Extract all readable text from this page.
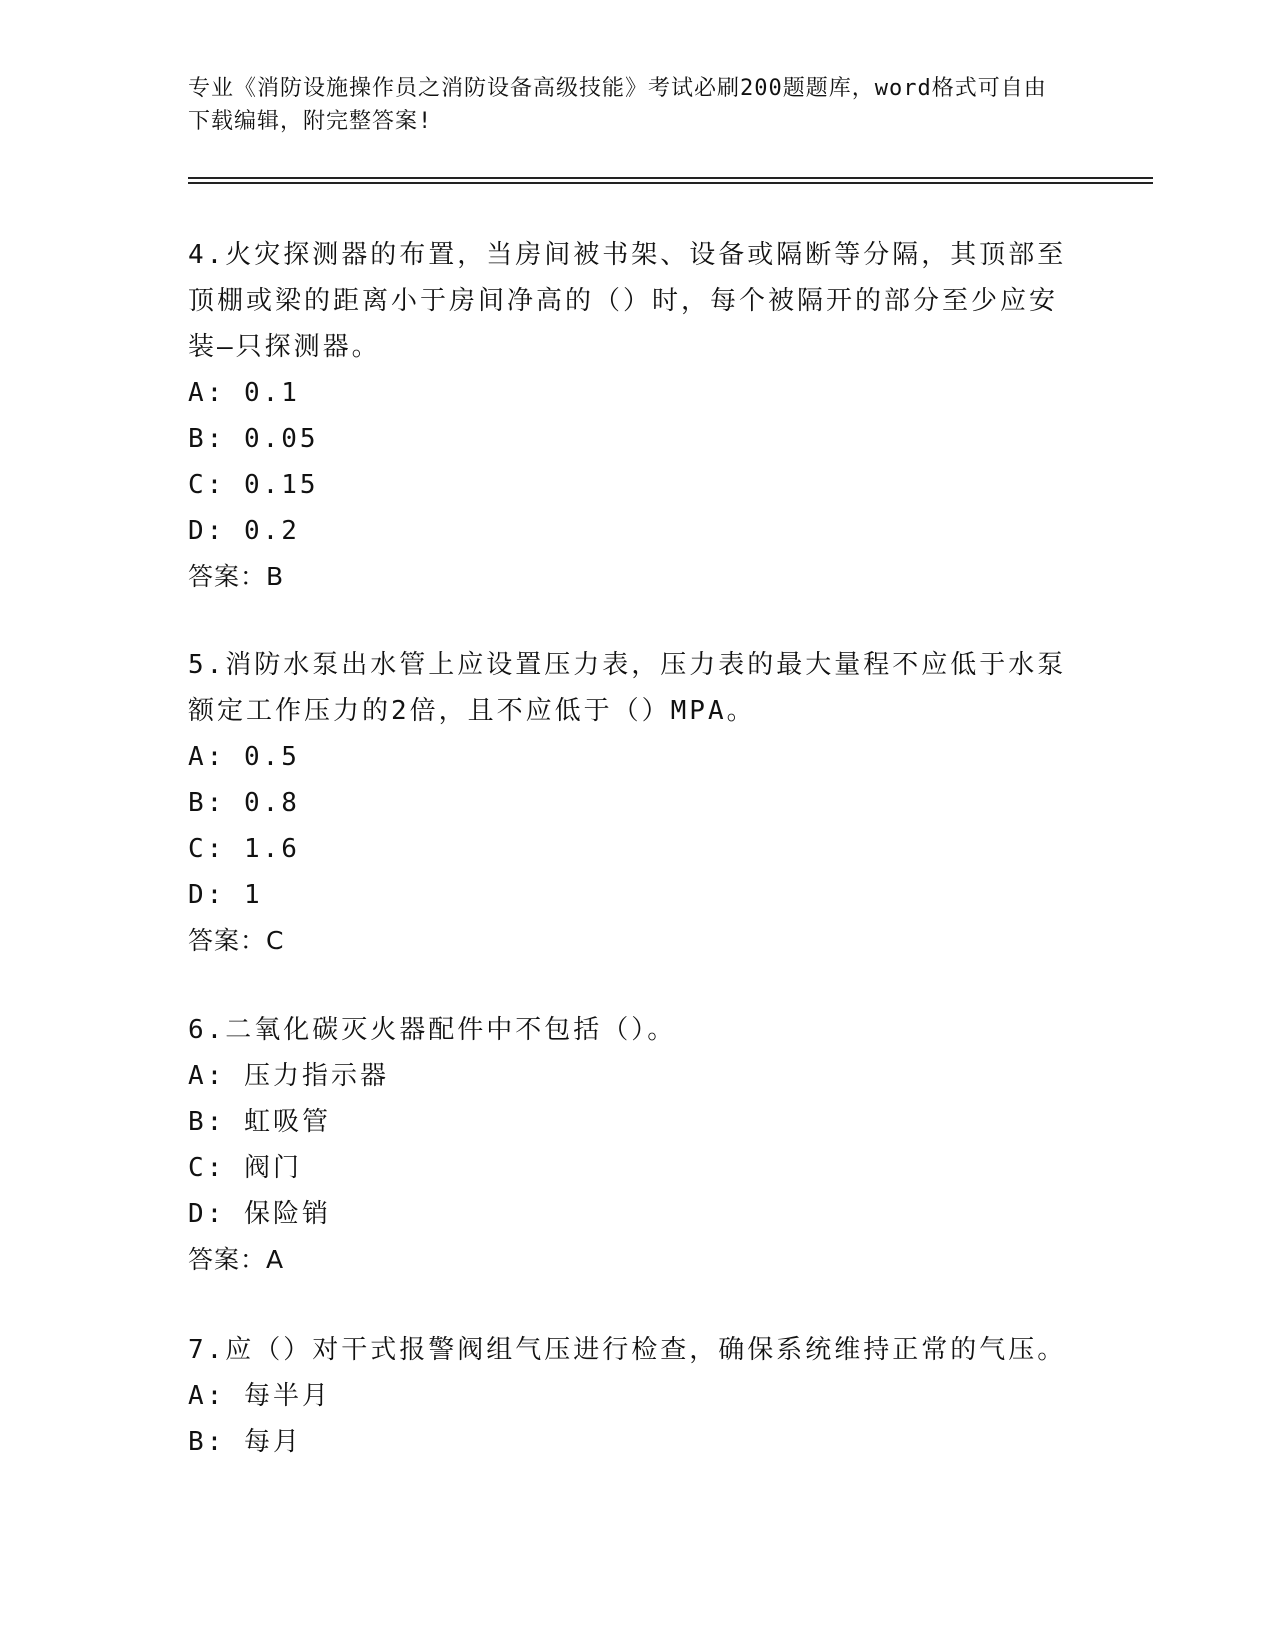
专业《消防设施操作员之消防设备高级技能》考试必刷200题题库，word格式可自由下载编辑，附完整答案!

4.火灾探测器的布置，当房间被书架、设备或隔断等分隔，其顶部至顶棚或梁的距离小于房间净高的（）时，每个被隔开的部分至少应安装—只探测器。

A: 0.1

B: 0.05

C: 0.15

D: 0.2

答案：B

5.消防水泵出水管上应设置压力表，压力表的最大量程不应低于水泵额定工作压力的2倍，且不应低于（）MPA。

A: 0.5

B: 0.8

C: 1.6

D: 1

答案：C

6.二氧化碳灭火器配件中不包括（）。

A: 压力指示器

B: 虹吸管

C: 阀门

D: 保险销

答案：A

7.应（）对干式报警阀组气压进行检查，确保系统维持正常的气压。

A: 每半月

B: 每月
